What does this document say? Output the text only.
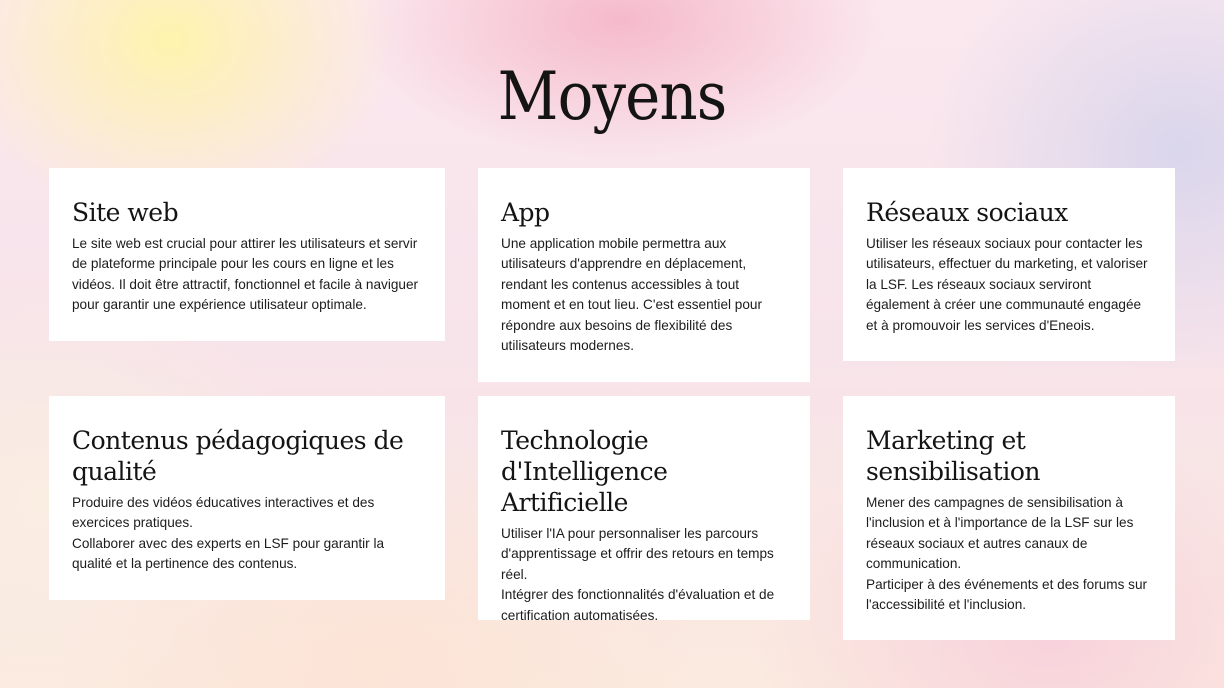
Moyens
Site web

Le site web est crucial pour attirer les utilisateurs et servir de plateforme principale pour les cours en ligne et les vidéos. Il doit être attractif, fonctionnel et facile à naviguer pour garantir une expérience utilisateur optimale.

App

Une application mobile permettra aux utilisateurs d'apprendre en déplacement, rendant les contenus accessibles à tout moment et en tout lieu. C'est essentiel pour répondre aux besoins de flexibilité des utilisateurs modernes.

Réseaux sociaux

Utiliser les réseaux sociaux pour contacter les utilisateurs, effectuer du marketing, et valoriser la LSF. Les réseaux sociaux serviront également à créer une communauté engagée et à promouvoir les services d'Eneois.

Contenus pédagogiques de qualité

Produire des vidéos éducatives interactives et des exercices pratiques.
Collaborer avec des experts en LSF pour garantir la qualité et la pertinence des contenus.

Technologie d'Intelligence Artificielle

Utiliser l'IA pour personnaliser les parcours d'apprentissage et offrir des retours en temps réel.
Intégrer des fonctionnalités d'évaluation et de certification automatisées.

Marketing et sensibilisation

Mener des campagnes de sensibilisation à l'inclusion et à l'importance de la LSF sur les réseaux sociaux et autres canaux de communication.
Participer à des événements et des forums sur l'accessibilité et l'inclusion.
